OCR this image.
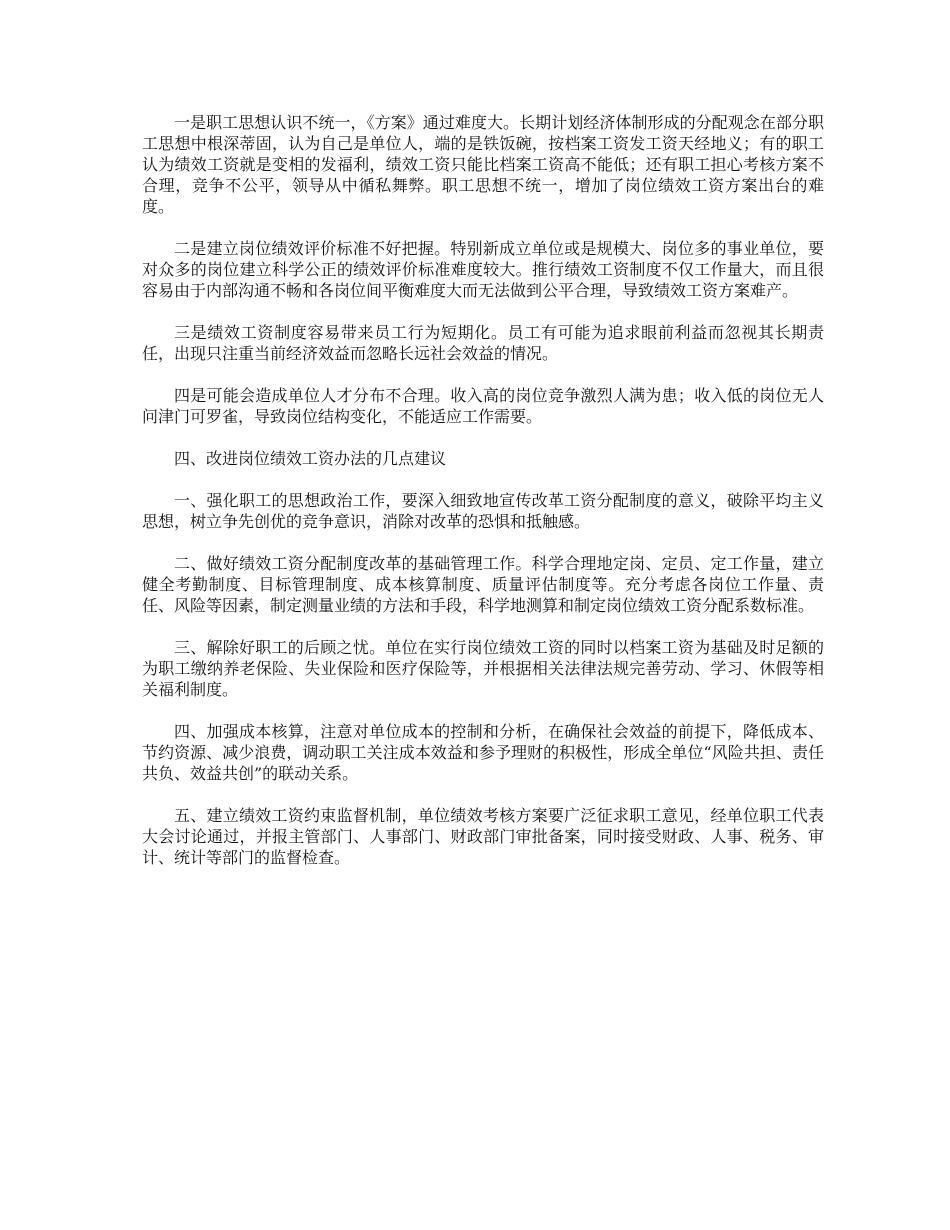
一是职工思想认识不统一，《方案》通过难度大。长期计划经济体制形成的分配观念在部分职工思想中根深蒂固，认为自己是单位人，端的是铁饭碗，按档案工资发工资天经地义；有的职工认为绩效工资就是变相的发福利，绩效工资只能比档案工资高不能低；还有职工担心考核方案不合理，竞争不公平，领导从中循私舞弊。职工思想不统一，增加了岗位绩效工资方案出台的难度。

二是建立岗位绩效评价标准不好把握。特别新成立单位或是规模大、岗位多的事业单位，要对众多的岗位建立科学公正的绩效评价标准难度较大。推行绩效工资制度不仅工作量大，而且很容易由于内部沟通不畅和各岗位间平衡难度大而无法做到公平合理，导致绩效工资方案难产。

三是绩效工资制度容易带来员工行为短期化。员工有可能为追求眼前利益而忽视其长期责任，出现只注重当前经济效益而忽略长远社会效益的情况。

四是可能会造成单位人才分布不合理。收入高的岗位竞争激烈人满为患；收入低的岗位无人问津门可罗雀，导致岗位结构变化，不能适应工作需要。

四、改进岗位绩效工资办法的几点建议

一、强化职工的思想政治工作，要深入细致地宣传改革工资分配制度的意义，破除平均主义思想，树立争先创优的竞争意识，消除对改革的恐惧和抵触感。

二、做好绩效工资分配制度改革的基础管理工作。科学合理地定岗、定员、定工作量，建立健全考勤制度、目标管理制度、成本核算制度、质量评估制度等。充分考虑各岗位工作量、责任、风险等因素，制定测量业绩的方法和手段，科学地测算和制定岗位绩效工资分配系数标准。

三、解除好职工的后顾之忧。单位在实行岗位绩效工资的同时以档案工资为基础及时足额的为职工缴纳养老保险、失业保险和医疗保险等，并根据相关法律法规完善劳动、学习、休假等相关福利制度。

四、加强成本核算，注意对单位成本的控制和分析，在确保社会效益的前提下，降低成本、节约资源、减少浪费，调动职工关注成本效益和参予理财的积极性，形成全单位“风险共担、责任共负、效益共创”的联动关系。

五、建立绩效工资约束监督机制，单位绩效考核方案要广泛征求职工意见，经单位职工代表大会讨论通过，并报主管部门、人事部门、财政部门审批备案，同时接受财政、人事、税务、审计、统计等部门的监督检查。
